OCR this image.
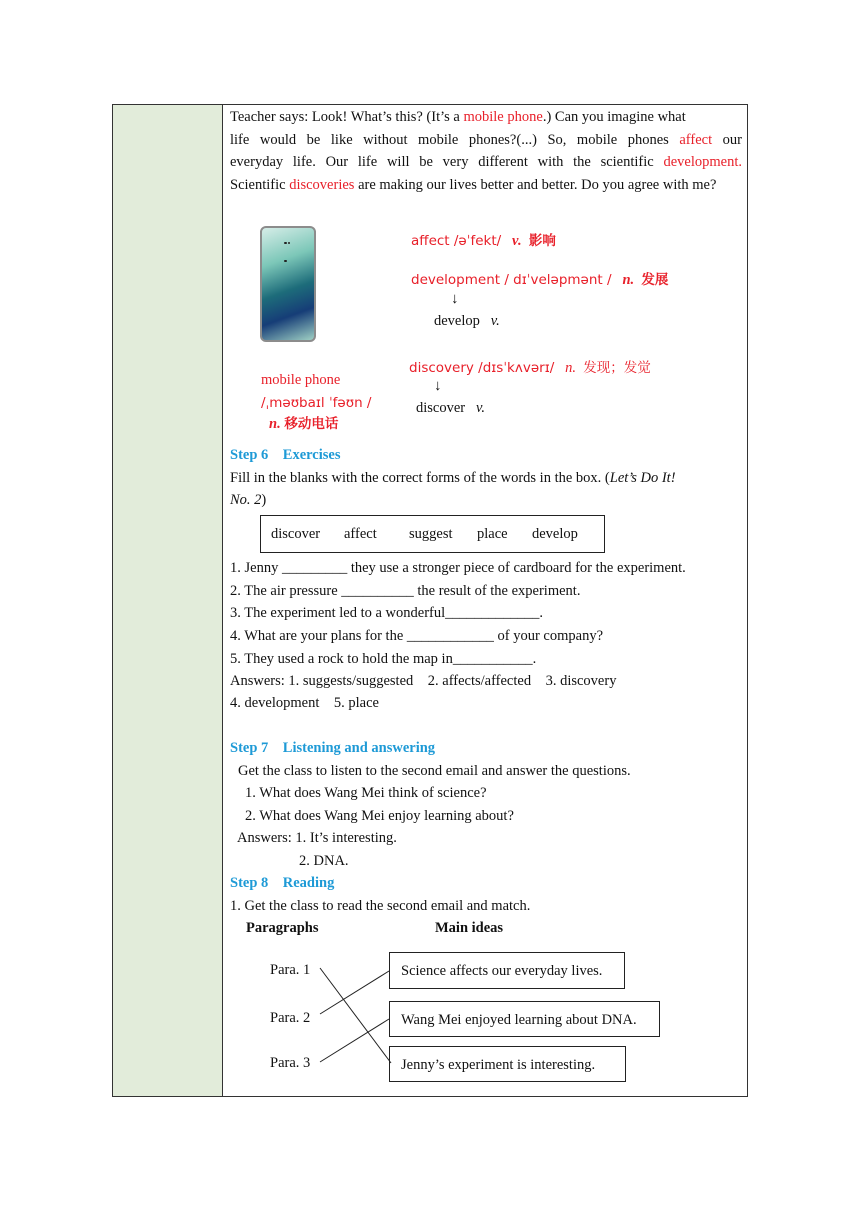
Teacher says: Look! What’s this? (It’s a mobile phone.) Can you imagine what
life would be like without mobile phones?(...) So, mobile phones affect our
everyday life. Our life will be very different with the scientific development.
Scientific discoveries are making our lives better and better. Do you agree with me?
affect /əˈfekt/ v. 影响
development / dɪˈveləpmənt / n. 发展
↓
develop v.
discovery /dɪsˈkʌvərɪ/ n. 发现；发觉
↓
discover v.
mobile phone
/ˌməʊbaɪl ˈfəʊn /
n. 移动电话
Step 6    Exercises
Fill in the blanks with the correct forms of the words in the box. (Let’s Do It!
No. 2)
discover affect suggest place develop
1. Jenny _________ they use a stronger piece of cardboard for the experiment.
2. The air pressure __________ the result of the experiment.
3. The experiment led to a wonderful_____________.
4. What are your plans for the ____________ of your company?
5. They used a rock to hold the map in___________.
Answers: 1. suggests/suggested    2. affects/affected    3. discovery
4. development    5. place
Step 7    Listening and answering
Get the class to listen to the second email and answer the questions.
1. What does Wang Mei think of science?
2. What does Wang Mei enjoy learning about?
Answers: 1. It’s interesting.
2. DNA.
Step 8    Reading
1. Get the class to read the second email and match.
Paragraphs	Main ideas
Para. 1
Para. 2
Para. 3
Science affects our everyday lives.
Wang Mei enjoyed learning about DNA.
Jenny’s experiment is interesting.
